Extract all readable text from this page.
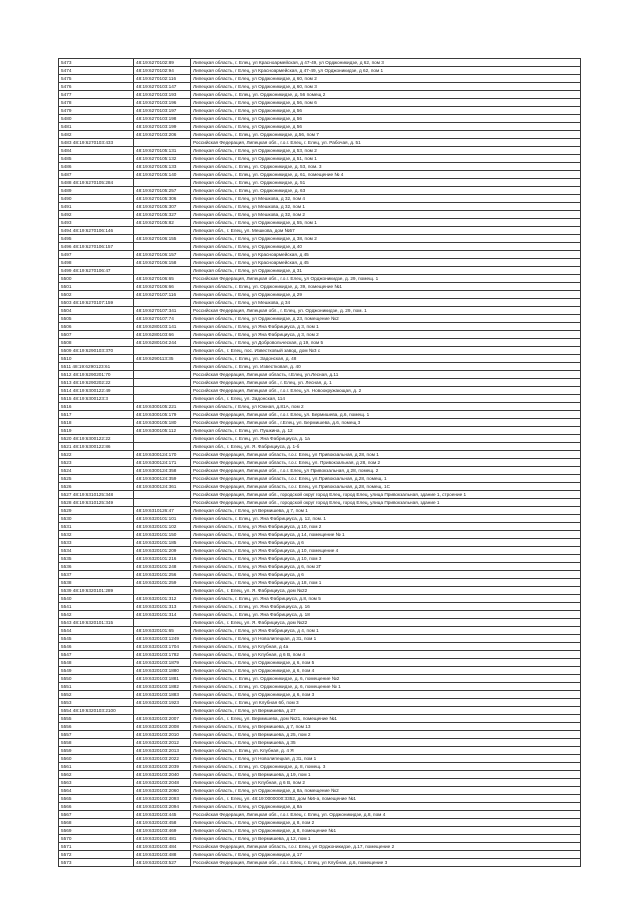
5473	48:19:6270102:89	Липецкая область, г. Елец, ул Красноармейская, д 47-49, ул Орджоникидзе, д 62, пом 3
5474	48:19:6270102:94	Липецкая область, г Елец, ул Красноармейская, д 47-49, ул Орджоникидзе, д 62, пом 1
5475	48:19:6270102:116	Липецкая область, г Елец, ул Орджоникидзе, д 60, пом 2
5476	48:19:6270103:147	Липецкая область, г Елец, ул Орджоникидзе, д 60, пом 3
5477	48:19:6270103:193	Липецкая область, г. Елец, ул. Орджоникидзе, д. 56 помещ 2
5478	48:19:6270103:196	Липецкая область, г Елец, ул Орджоникидзе, д 56, пом 6
5479	48:19:6270103:197	Липецкая область, г Елец, ул Орджоникидзе, д 56
5480	48:19:6270103:198	Липецкая область, г Елец, ул Орджоникидзе, д 56
5481	48:19:6270103:199	Липецкая область, г Елец, ул Орджоникидзе, д 56
5482	48:19:6270103:206	Липецкая область, г. Елец, ул. Орджоникидзе, д.56, пом 7
5483 48:19:6270103:433		Российская Федерация, Липецкая обл., г.о.г. Елец, г. Елец, ул. Рабочая, д. 51
5484	48:19:6270105:131	Липецкая область, г Елец, ул Орджоникидзе, д 53, пом 2
5485	48:19:6270105:132	Липецкая область, г Елец, ул Орджоникидзе, д 51, пом 1
5486	48:19:6270105:133	Липецкая область, г. Елец, ул. Орджоникидзе, д. 53, пом. 3
5487	48:19:6270105:140	Липецкая область, г. Елец, ул. Орджоникидзе, д. 61, помещение № 4
5488 48:19:6270105:284		Липецкая область, г. Елец, ул. Орджоникидзе, д. 51
5489	48:19:6270105:257	Липецкая область, г. Елец, ул. Орджоникидзе, д. 63
5490	48:19:6270105:306	Липецкая область, г Елец, ул Мешкова, д 32, пом 4
5491	48:19:6270105:307	Липецкая область, г Елец, ул Мешкова, д 32, пом 1
5492	48:19:6270105:327	Липецкая область, г Елец, ул Мешкова, д 32, пом 2
5493	48:19:6270105:82	Липецкая область, г Елец, ул Орджоникидзе, д 55, пом 1
5494 48:19:6270106:146		Липецкая обл., г. Елец, ул. Мешкова, дом №57
5495	48:19:6270106:155	Липецкая область, г Елец, ул Орджоникидзе, д 38, пом 2
5496 48:19:6270106:157		Липецкая область, г Елец, ул Орджоникидзе, д 40
5497	48:19:6270106:157	Липецкая область, г Елец, ул Красноармейская, д 45
5498	48:19:6270106:158	Липецкая область, г Елец, ул Красноармейская, д 45
5499 48:19:6270106:47		Липецкая область, г Елец, ул Орджоникидзе, д 31
5500	48:19:6270106:65	Российская Федерация, Липецкая обл., г.о.г. Елец, ул Орджоникидзе, д. 29, помещ. 1
5501	48:19:6270106:66	Липецкая область, г. Елец, ул. Орджоникидзе, д. 39, помещение №1
5502	48:19:6270107:116	Липецкая область, г Елец, ул Орджоникидзе, д 29
5503 48:19:6270107:159		Липецкая область, г Елец, ул Мешкова, д 34
5504	48:19:6270107:341	Российская Федерация, Липецкая обл., г. Елец, ул. Орджоникидзе, д. 29, пом. 1
5505	48:19:6270107:74	Липецкая область, г Елец, ул Орджоникидзе, д 23, помещение №2
5506	48:19:6280103:141	Липецкая область, г Елец, ул Яна Фабрициуса, д 3, пом 1
5507	48:19:6280103:66	Липецкая область, г Елец, ул Яна Фабрициуса, д 3, пом 2
5508	48:19:6280104:244	Липецкая область, г Елец, ул Добровольческая, д 19, пом 5
5509 48:19:6290103:370		Липецкая обл., г. Елец, пос. Известковый завод, дом №3 с
5510	48:19:6290113:35	Липецкая область, г. Елец, ул. Задонская, д. 48
5511 48:19:6290123:61		Липецкая область, г. Елец, ул. Известковая, д. 40
5512 48:19:6290201:70		Российская Федерация, Липецкая область, г.Елец, ул.Лесная, д.11
5513 48:19:6290202:22		Российская Федерация, Липецкая обл., г. Елец, ул. Лесная, д. 1
5514 48:19:6300122:49		Российская Федерация, Липецкая обл., г.о.г. Елец, ул. Новоокружающая, д. 2
5515 48:19:6300123:3		Липецкая обл., г. Елец, ул. Задонская, 114
5516	48:19:6300105:221	Липецкая область, г Елец, ул Южная, д.81А, пом 2
5517	48:19:6300105:179	Российская Федерация, Липецкая обл., г.о.г. Елец, ул. Бермишева, д.6, помещ. 1
5518	48:19:6300105:180	Российская Федерация, Липецкая обл., г.Елец, ул. Бермишева, д.6, помещ 3
5519	48:19:6300105:112	Липецкая область, г. Елец, ул. Пушкина, д. 12
5520 48:19:6300122:22		Липецкая область, г. Елец, ул. Яна Фабрициуса, д. 1а
5521 48:19:6300122:86		Липецкая обл., г. Елец, ул. Я. Фабрициуса, д. 1-б
5522	48:19:6300124:170	Российская Федерация, Липецкая область, г.о.г. Елец, ул Привокзальная, д 28, пом 1
5523	48:19:6300124:171	Российская Федерация, Липецкая область, г.о.г. Елец, ул. Привокзальная, д 28, пом 2
5524	48:19:6300124:358	Российская Федерация, Липецкая обл., г.о.г. Елец, ул Привокзальная, д 28, помещ. 2
5525	48:19:6300124:359	Российская Федерация, Липецкая область, г.о.г. Елец, ул.Привокзальная, д.28, помещ. 1
5526	48:19:6300124:361	Российская Федерация, Липецкая область, г.о.г. Елец, ул.Привокзальная, д.28, помещ. 1С
5527 48:19:6310125:348		Российская Федерация, Липецкая обл., городской округ город Елец, город Елец, улица Привокзальная, здание 1, строение 1
5528 48:19:6310125:349		Российская Федерация, Липецкая обл., городской округ город Елец, город Елец, улица Привокзальная, здание 1
5529	48:19:6310126:47	Липецкая область, г Елец, ул Вермишева, д 7, пом 1
5530	48:19:6320101:101	Липецкая область, г. Елец, ул. Яна Фабрициуса, д. 12, пом. 1
5531	48:19:6320101:102	Липецкая область, г Елец, ул Яна Фабрициуса, д 10, пом 2
5532	48:19:6320101:150	Липецкая область, г Елец, ул Яна Фабрициуса, д 14, помещение № 1
5533	48:19:6320101:185	Липецкая область, г Елец, ул Яна Фабрициуса, д 6
5534	48:19:6320101:209	Липецкая область, г Елец, ул Яна Фабрициуса, д 10, помещение 4
5535	48:19:6320101:216	Липецкая область, г Елец, ул Яна Фабрициуса, д 10, пом 3
5536	48:19:6320101:248	Липецкая область, г Елец, ул Яна Фабрициуса, д 6, пом 2Г
5537	48:19:6320101:256	Липецкая область, г Елец, ул Яна Фабрициуса, д 6
5538	48:19:6320101:259	Липецкая область, г Елец, ул Яна Фабрициуса, д 18, пом 1
5539 48:19:6320101:289		Липецкая обл., г. Елец, ул. Я. Фабрициуса, дом №22
5540	48:19:6320101:312	Липецкая область, г. Елец, ул. Яна Фабрициуса, д.8, пом 5
5541	48:19:6320101:313	Липецкая область, г. Елец, ул. Яна Фабрициуса, д. 16
5542	48:19:6320101:314	Липецкая область, г. Елец, ул. Яна Фабрициуса, д. 18
5543 48:19:6320101:315		Липецкая обл., г. Елец, ул. Я. Фабрициуса, дом №22
5544	48:19:6320101:65	Липецкая область, г Елец, ул Яна Фабрициуса, д 4, пом 1
5545	48:19:6320103:1249	Липецкая область, г Елец, ул Новолипецкая, д 31, пом 1
5546	48:19:6320103:1704	Липецкая область, г Елец, ул Клубная, д 4а
5547	48:19:6320103:1782	Липецкая область, г Елец, ул Клубная, д 6 В, пом 4
5548	48:19:6320103:1879	Липецкая область, г Елец, ул Орджоникидзе, д 6, пом 5
5549	48:19:6320103:1880	Липецкая область, г Елец, ул Орджоникидзе, д 6, пом 4
5550	48:19:6320103:1881	Липецкая область, г. Елец, ул. Орджоникидзе, д. 6, помещение №2
5551	48:19:6320103:1882	Липецкая область, г. Елец, ул. Орджоникидзе, д. 6, помещение № 1
5552	48:19:6320103:1883	Липецкая область, г Елец, ул Орджоникидзе, д 6, пом 3
5553	48:19:6320103:1923	Липецкая область, г. Елец, ул Клубная 6б, пом 3
5554 48:19:6320103:2100		Липецкая область, г Елец, ул Вермишева, д 27
5555	48:19:6320103:2007	Липецкая обл., г. Елец, ул. Вермишева, дом №21, помещение №1
5556	48:19:6320103:2008	Липецкая область, г Елец, ул Вермишева, д 7, пом 13
5557	48:19:6320103:2010	Липецкая область, г Елец, ул Вермишева, д 25, пом 2
5558	48:19:6320103:2012	Липецкая область, г Елец, ул Вермишева, д 35
5559	48:19:6320103:2013	Липецкая область, г. Елец, ул. Клубная, д. 4 Я
5560	48:19:6320103:2022	Липецкая область, г Елец, ул Новолипецкая, д 31, пом 1
5561	48:19:6320103:2039	Липецкая область, г. Елец, ул. Орджоникидзе, д. 8, помещ. 3
5562	48:19:6320103:2040	Липецкая область, г Елец, ул Вермишева, д 19, пом 1
5563	48:19:6320103:2048	Липецкая область, г Елец, ул Клубная, д 6 В, пом 2
5564	48:19:6320103:2060	Липецкая область, г Елец, ул Орджоникидзе, д 8а, помещение №2
5565	48:19:6320103:2093	Липецкая обл., г. Елец, ул. 48:19:0000000:3352, дом №6-а, помещение №1
5566	48:19:6320103:2094	Липецкая область, г Елец, ул Орджоникидзе, д 8а
5567	48:19:6320103:445	Российская Федерация, Липецкая обл., г.о.г. Елец, г. Елец, ул. Орджоникидзе, д.8, пом 4
5568	48:19:6320103:458	Липецкая область, г Елец, ул Орджоникидзе, д 8, пом 2
5569	48:19:6320103:469	Липецкая область, г Елец, ул Орджоникидзе, д 8, помещение №1
5570	48:19:6320103:481	Липецкая область, г Елец, ул Вермишева, д 12, пом 1
5571	48:19:6320103:484	Российская Федерация, Липецкая область, г.о.г. Елец, ул Орджоникидзе, д.17, помещение 2
5572	48:19:6320103:488	Липецкая область, г Елец, ул Орджоникидзе, д 17
5573	48:19:6320103:527	Российская Федерация, Липецкая обл., г.о.г. Елец, г. Елец, ул Клубная, д.6, помещение 3
